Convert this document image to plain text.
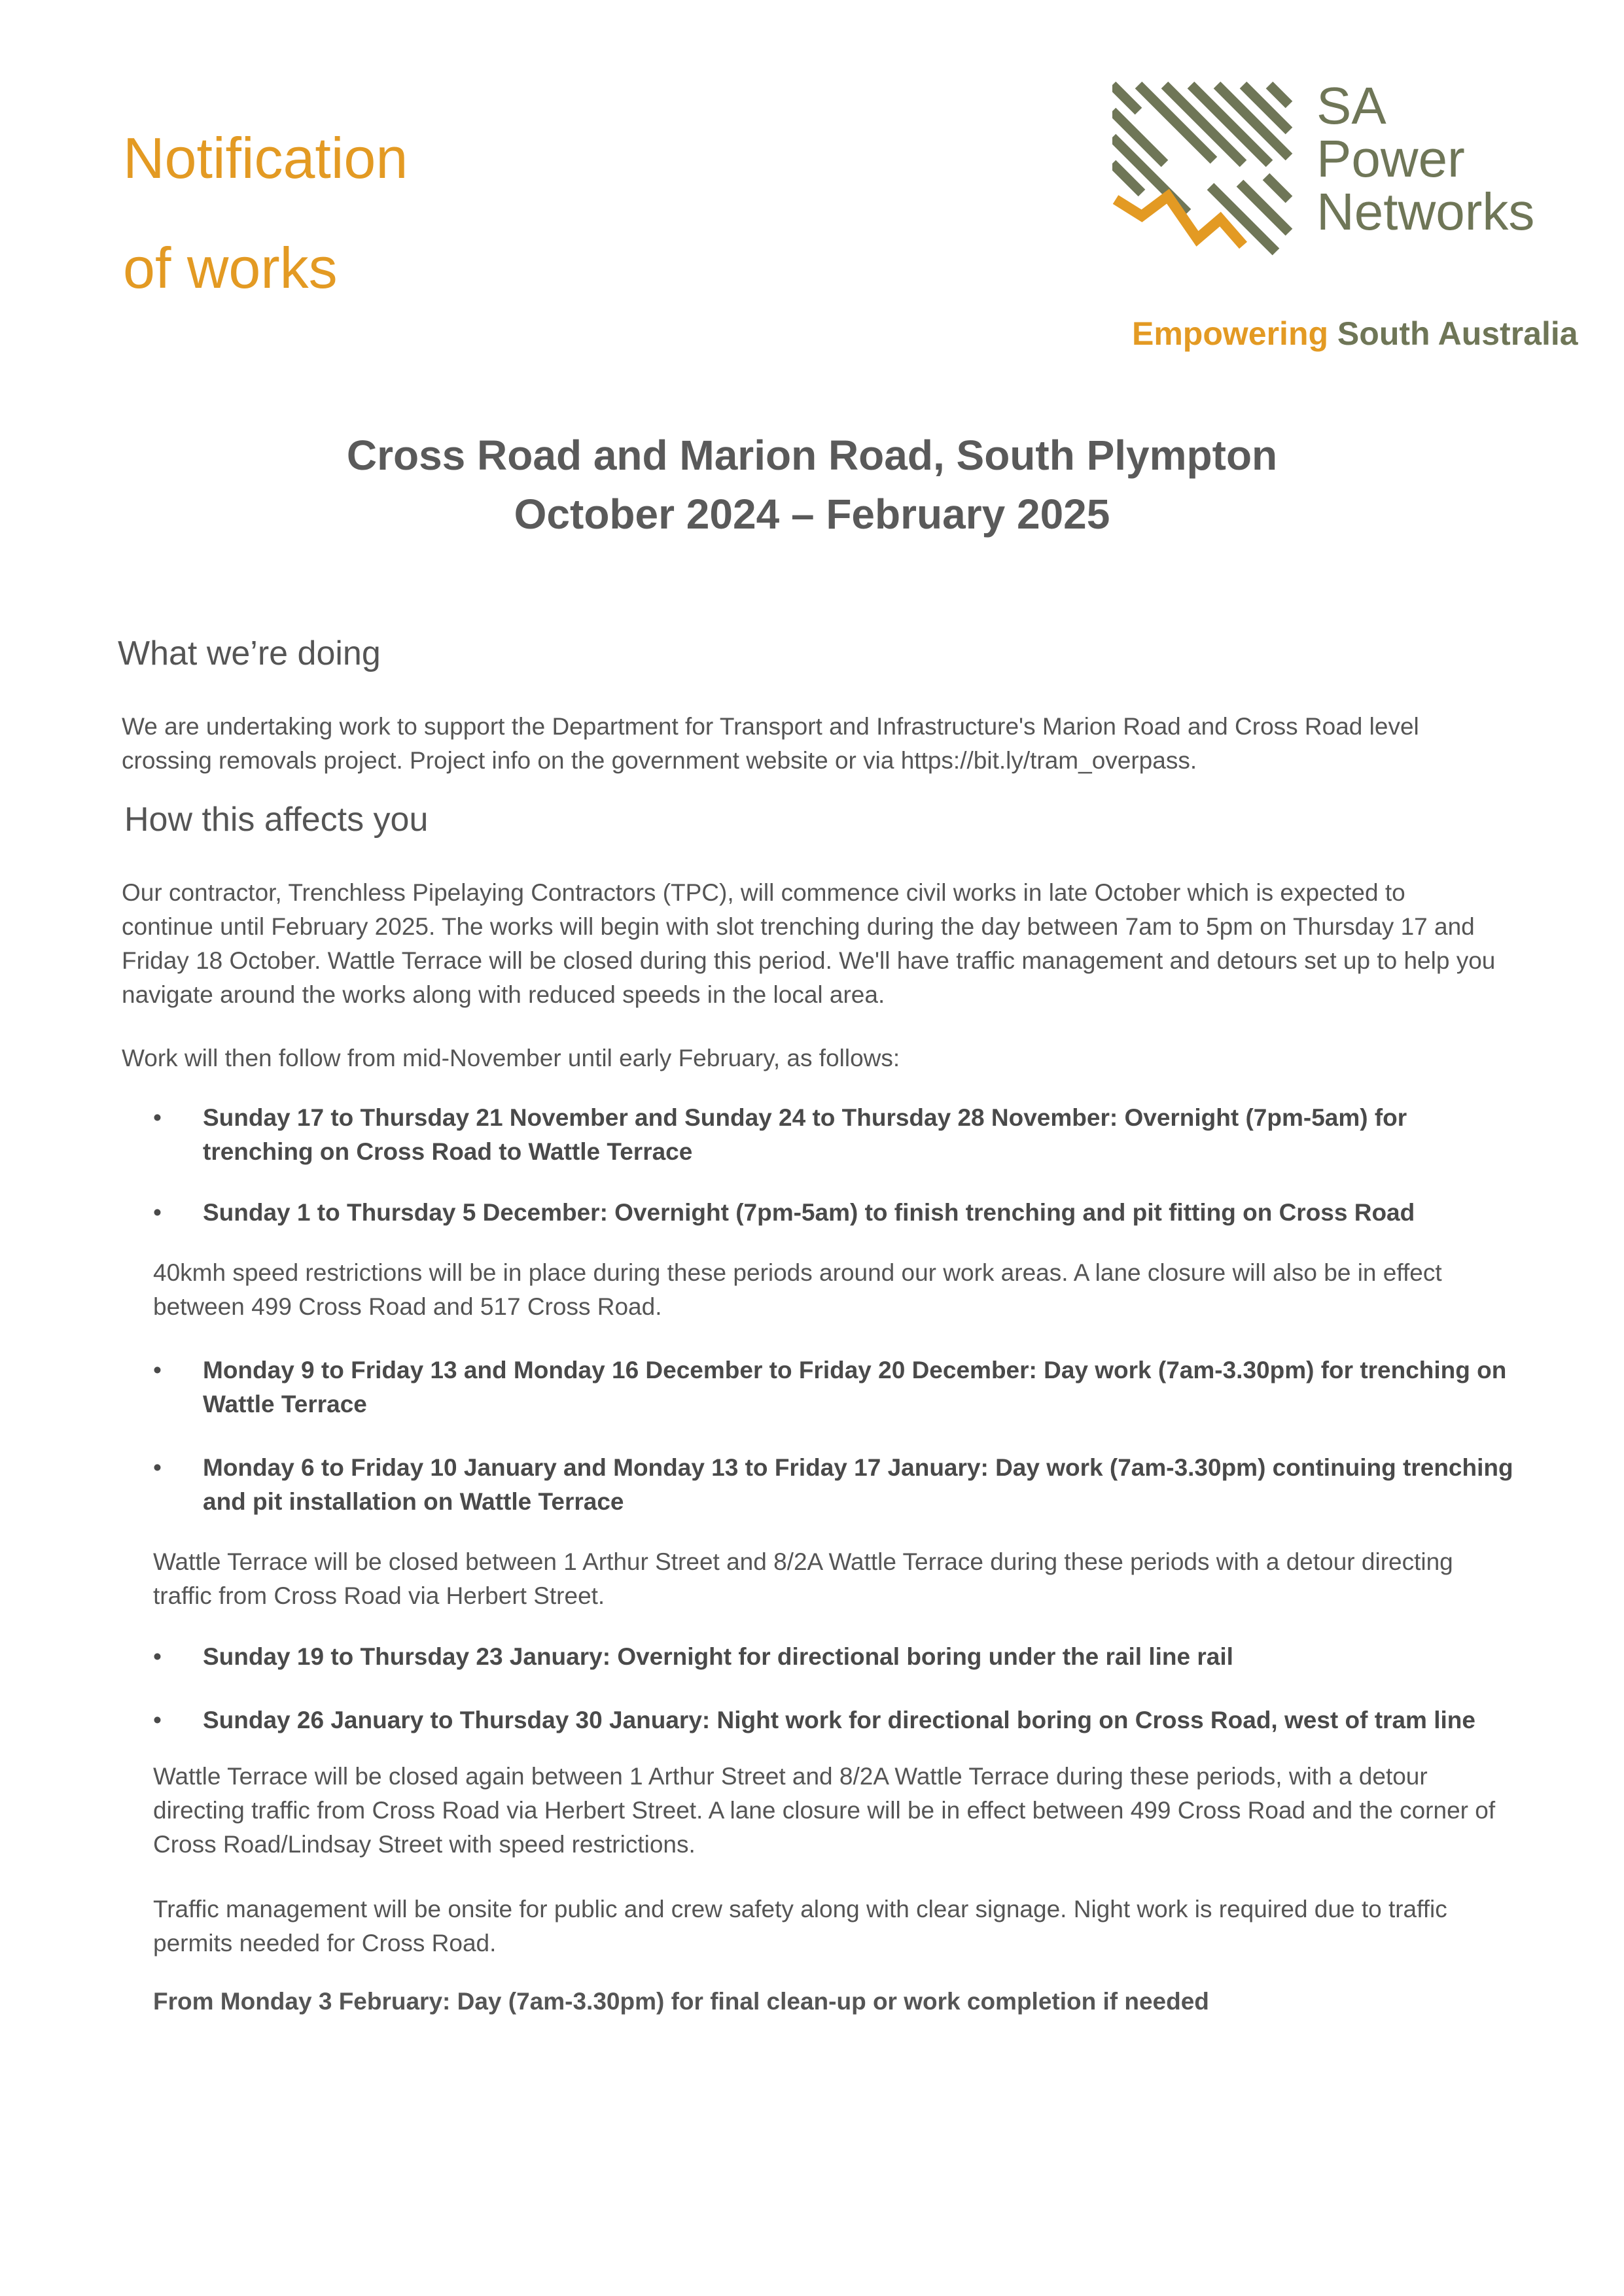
Notification
of works
SA
Power
Networks
Empowering South Australia
Cross Road and Marion Road, South Plympton
October 2024 – February 2025
What we’re doing

We are undertaking work to support the Department for Transport and Infrastructure's Marion Road and Cross Road level crossing removals project. Project info on the government website or via https://bit.ly/tram_overpass.

How this affects you

Our contractor, Trenchless Pipelaying Contractors (TPC), will commence civil works in late October which is expected to continue until February 2025. The works will begin with slot trenching during the day between 7am to 5pm on Thursday 17 and Friday 18 October. Wattle Terrace will be closed during this period. We'll have traffic management and detours set up to help you navigate around the works along with reduced speeds in the local area.

Work will then follow from mid-November until early February, as follows:

• Sunday 17 to Thursday 21 November and Sunday 24 to Thursday 28 November: Overnight (7pm-5am) for trenching on Cross Road to Wattle Terrace
• Sunday 1 to Thursday 5 December: Overnight (7pm-5am) to finish trenching and pit fitting on Cross Road

40kmh speed restrictions will be in place during these periods around our work areas. A lane closure will also be in effect between 499 Cross Road and 517 Cross Road.

• Monday 9 to Friday 13 and Monday 16 December to Friday 20 December: Day work (7am-3.30pm) for trenching on Wattle Terrace
• Monday 6 to Friday 10 January and Monday 13 to Friday 17 January: Day work (7am-3.30pm) continuing trenching and pit installation on Wattle Terrace

Wattle Terrace will be closed between 1 Arthur Street and 8/2A Wattle Terrace during these periods with a detour directing traffic from Cross Road via Herbert Street.

• Sunday 19 to Thursday 23 January: Overnight for directional boring under the rail line rail
• Sunday 26 January to Thursday 30 January: Night work for directional boring on Cross Road, west of tram line

Wattle Terrace will be closed again between 1 Arthur Street and 8/2A Wattle Terrace during these periods, with a detour directing traffic from Cross Road via Herbert Street. A lane closure will be in effect between 499 Cross Road and the corner of Cross Road/Lindsay Street with speed restrictions.

Traffic management will be onsite for public and crew safety along with clear signage. Night work is required due to traffic permits needed for Cross Road.

From Monday 3 February: Day (7am-3.30pm) for final clean-up or work completion if needed
